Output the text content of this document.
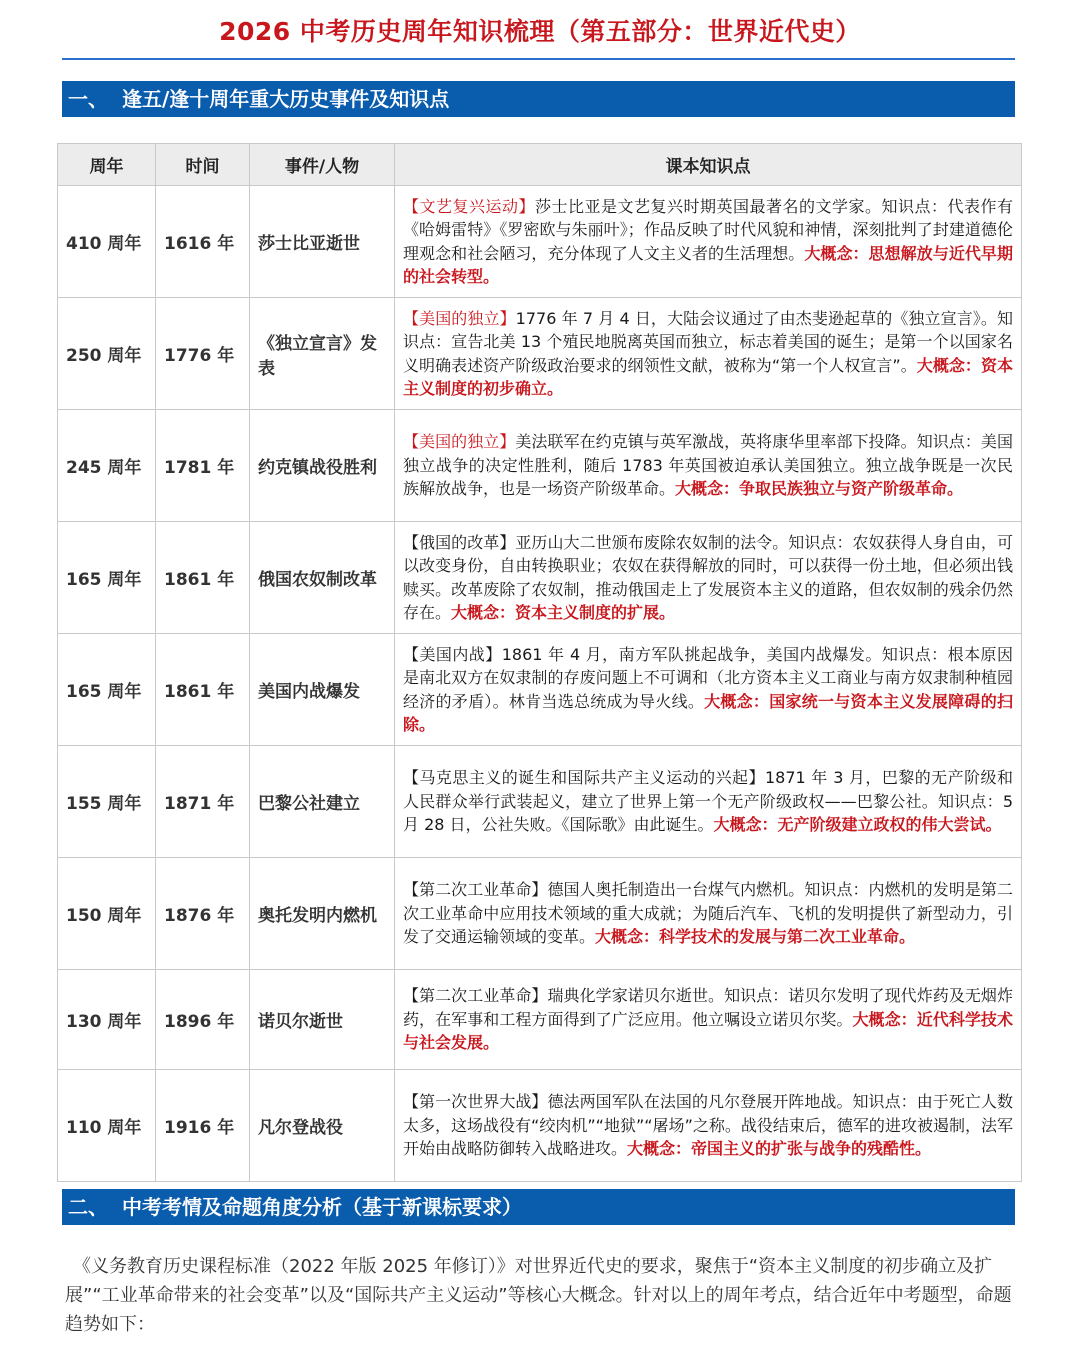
2026 中考历史周年知识梳理（第五部分：世界近代史）
一、 逢五/逢十周年重大历史事件及知识点
周年	时间	事件/人物	课本知识点
410 周年	1616 年	莎士比亚逝世	【文艺复兴运动】莎士比亚是文艺复兴时期英国最著名的文学家。知识点：代表作有《哈姆雷特》《罗密欧与朱丽叶》；作品反映了时代风貌和神情，深刻批判了封建道德伦理观念和社会陋习，充分体现了人文主义者的生活理想。大概念：思想解放与近代早期的社会转型。
250 周年	1776 年	《独立宣言》发表	【美国的独立】1776 年 7 月 4 日，大陆会议通过了由杰斐逊起草的《独立宣言》。知识点：宣告北美 13 个殖民地脱离英国而独立，标志着美国的诞生；是第一个以国家名义明确表述资产阶级政治要求的纲领性文献，被称为“第一个人权宣言”。大概念：资本主义制度的初步确立。
245 周年	1781 年	约克镇战役胜利	【美国的独立】美法联军在约克镇与英军激战，英将康华里率部下投降。知识点：美国独立战争的决定性胜利，随后 1783 年英国被迫承认美国独立。独立战争既是一次民族解放战争，也是一场资产阶级革命。大概念：争取民族独立与资产阶级革命。
165 周年	1861 年	俄国农奴制改革	【俄国的改革】亚历山大二世颁布废除农奴制的法令。知识点：农奴获得人身自由，可以改变身份，自由转换职业；农奴在获得解放的同时，可以获得一份土地，但必须出钱赎买。改革废除了农奴制，推动俄国走上了发展资本主义的道路，但农奴制的残余仍然存在。大概念：资本主义制度的扩展。
165 周年	1861 年	美国内战爆发	【美国内战】1861 年 4 月，南方军队挑起战争，美国内战爆发。知识点：根本原因是南北双方在奴隶制的存废问题上不可调和（北方资本主义工商业与南方奴隶制种植园经济的矛盾）。林肯当选总统成为导火线。大概念：国家统一与资本主义发展障碍的扫除。
155 周年	1871 年	巴黎公社建立	【马克思主义的诞生和国际共产主义运动的兴起】1871 年 3 月，巴黎的无产阶级和人民群众举行武装起义，建立了世界上第一个无产阶级政权——巴黎公社。知识点：5 月 28 日，公社失败。《国际歌》由此诞生。大概念：无产阶级建立政权的伟大尝试。
150 周年	1876 年	奥托发明内燃机	【第二次工业革命】德国人奥托制造出一台煤气内燃机。知识点：内燃机的发明是第二次工业革命中应用技术领域的重大成就；为随后汽车、飞机的发明提供了新型动力，引发了交通运输领域的变革。大概念：科学技术的发展与第二次工业革命。
130 周年	1896 年	诺贝尔逝世	【第二次工业革命】瑞典化学家诺贝尔逝世。知识点：诺贝尔发明了现代炸药及无烟炸药，在军事和工程方面得到了广泛应用。他立嘱设立诺贝尔奖。大概念：近代科学技术与社会发展。
110 周年	1916 年	凡尔登战役	【第一次世界大战】德法两国军队在法国的凡尔登展开阵地战。知识点：由于死亡人数太多，这场战役有“绞肉机”“地狱”“屠场”之称。战役结束后，德军的进攻被遏制，法军开始由战略防御转入战略进攻。大概念：帝国主义的扩张与战争的残酷性。
二、 中考考情及命题角度分析（基于新课标要求）
《义务教育历史课程标准（2022 年版 2025 年修订）》对世界近代史的要求，聚焦于“资本主义制度的初步确立及扩展”“工业革命带来的社会变革”以及“国际共产主义运动”等核心大概念。针对以上的周年考点，结合近年中考题型，命题趋势如下：
